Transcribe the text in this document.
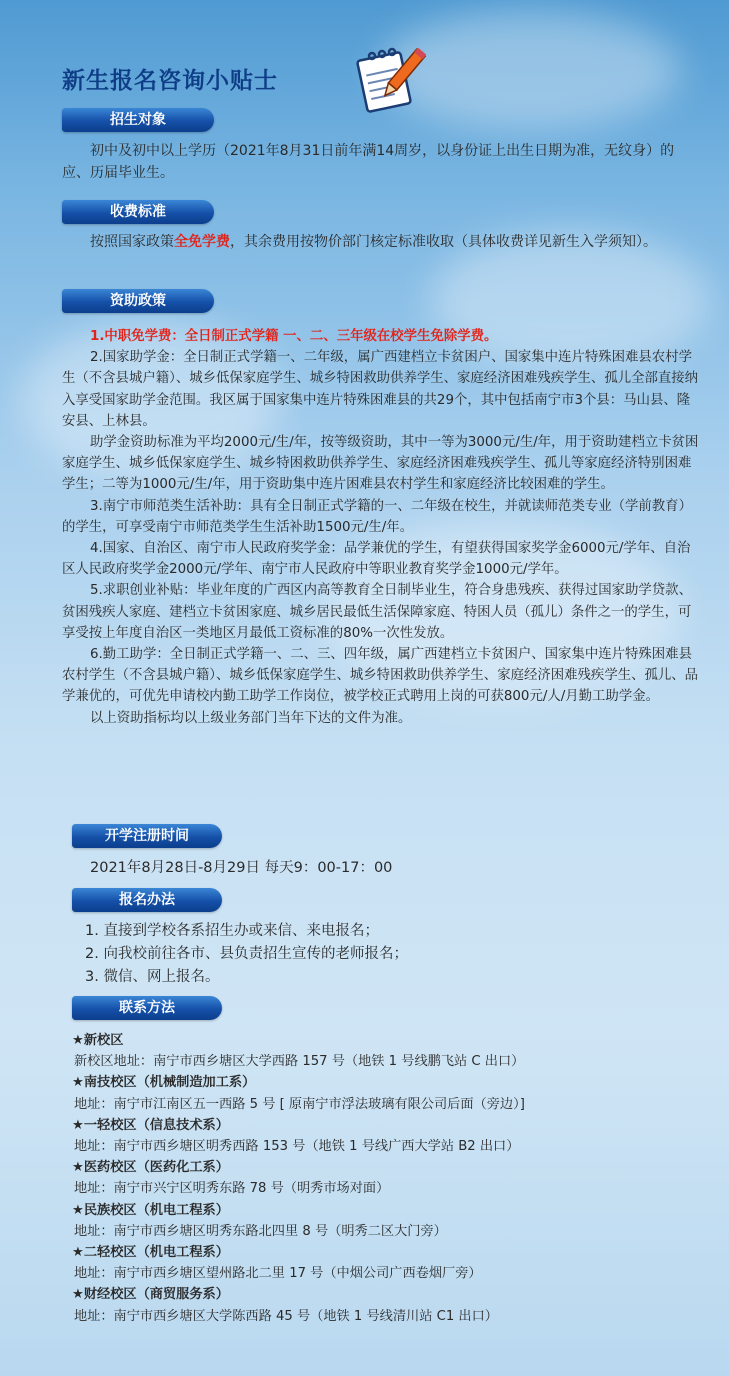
新生报名咨询小贴士
招生对象

初中及初中以上学历（2021年8月31日前年满14周岁，以身份证上出生日期为准，无纹身）的应、历届毕业生。

收费标准

按照国家政策全免学费，其余费用按物价部门核定标准收取（具体收费详见新生入学须知）。

资助政策

1.中职免学费：全日制正式学籍 一、二、三年级在校学生免除学费。

2.国家助学金：全日制正式学籍一、二年级，属广西建档立卡贫困户、国家集中连片特殊困难县农村学生（不含县城户籍）、城乡低保家庭学生、城乡特困救助供养学生、家庭经济困难残疾学生、孤儿全部直接纳入享受国家助学金范围。我区属于国家集中连片特殊困难县的共29个，其中包括南宁市3个县：马山县、隆安县、上林县。

助学金资助标准为平均2000元/生/年，按等级资助，其中一等为3000元/生/年，用于资助建档立卡贫困家庭学生、城乡低保家庭学生、城乡特困救助供养学生、家庭经济困难残疾学生、孤儿等家庭经济特别困难学生；二等为1000元/生/年，用于资助集中连片困难县农村学生和家庭经济比较困难的学生。

3.南宁市师范类生活补助：具有全日制正式学籍的一、二年级在校生，并就读师范类专业（学前教育）的学生，可享受南宁市师范类学生生活补助1500元/生/年。

4.国家、自治区、南宁市人民政府奖学金：品学兼优的学生，有望获得国家奖学金6000元/学年、自治区人民政府奖学金2000元/学年、南宁市人民政府中等职业教育奖学金1000元/学年。

5.求职创业补贴：毕业年度的广西区内高等教育全日制毕业生，符合身患残疾、获得过国家助学贷款、贫困残疾人家庭、建档立卡贫困家庭、城乡居民最低生活保障家庭、特困人员（孤儿）条件之一的学生，可享受按上年度自治区一类地区月最低工资标准的80%一次性发放。

6.勤工助学：全日制正式学籍一、二、三、四年级，属广西建档立卡贫困户、国家集中连片特殊困难县农村学生（不含县城户籍）、城乡低保家庭学生、城乡特困救助供养学生、家庭经济困难残疾学生、孤儿、品学兼优的，可优先申请校内勤工助学工作岗位，被学校正式聘用上岗的可获800元/人/月勤工助学金。

以上资助指标均以上级业务部门当年下达的文件为准。

开学注册时间

2021年8月28日-8月29日 每天9：00-17：00

报名办法
1. 直接到学校各系招生办或来信、来电报名；
2. 向我校前往各市、县负责招生宣传的老师报名；
3. 微信、网上报名。
联系方法
★新校区
新校区地址：南宁市西乡塘区大学西路 157 号（地铁 1 号线鹏飞站 C 出口）
★南技校区（机械制造加工系）
地址：南宁市江南区五一西路 5 号 [ 原南宁市浮法玻璃有限公司后面（旁边）]
★一轻校区（信息技术系）
地址：南宁市西乡塘区明秀西路 153 号（地铁 1 号线广西大学站 B2 出口）
★医药校区（医药化工系）
地址：南宁市兴宁区明秀东路 78 号（明秀市场对面）
★民族校区（机电工程系）
地址：南宁市西乡塘区明秀东路北四里 8 号（明秀二区大门旁）
★二轻校区（机电工程系）
地址：南宁市西乡塘区望州路北二里 17 号（中烟公司广西卷烟厂旁）
★财经校区（商贸服务系）
地址：南宁市西乡塘区大学陈西路 45 号（地铁 1 号线清川站 C1 出口）
